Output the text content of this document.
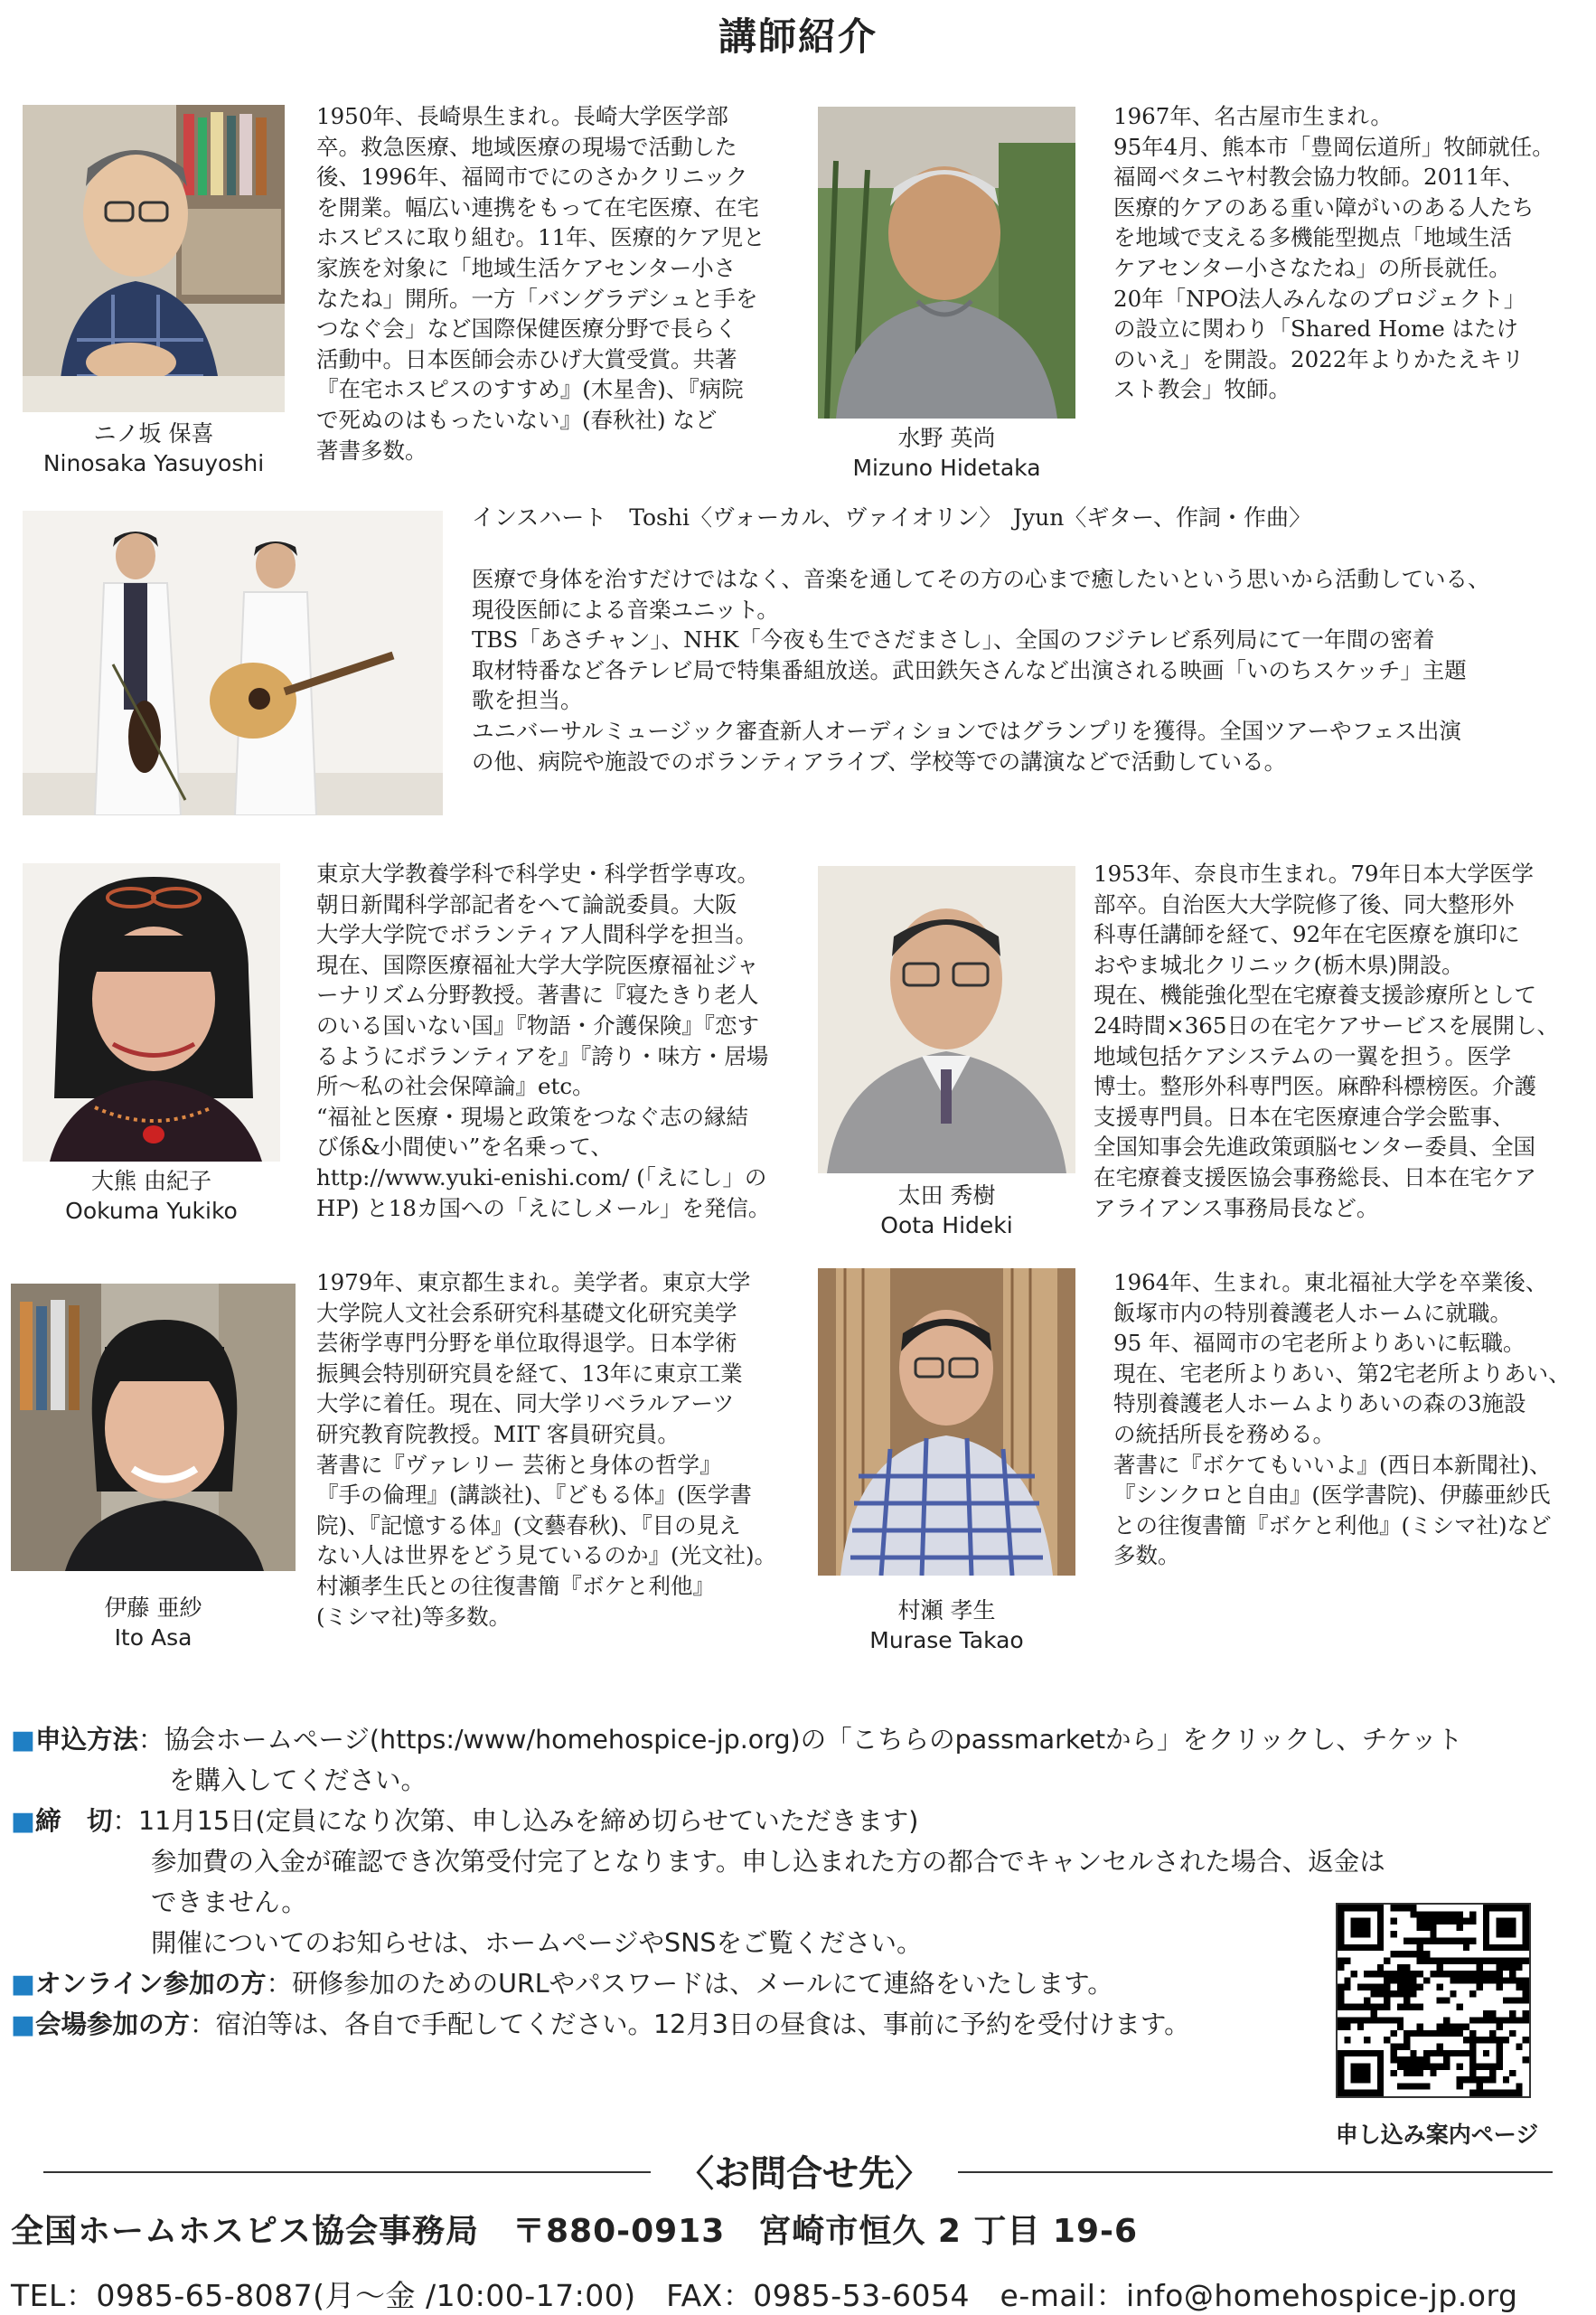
講師紹介
ニノ坂 保喜
Ninosaka Yasuyoshi
1950年、長崎県生まれ。長崎大学医学部
卒。救急医療、地域医療の現場で活動した
後、1996年、福岡市でにのさかクリニック
を開業。幅広い連携をもって在宅医療、在宅
ホスピスに取り組む。11年、医療的ケア児と
家族を対象に「地域生活ケアセンター小さ
なたね」開所。一方「バングラデシュと手を
つなぐ会」など国際保健医療分野で長らく
活動中。日本医師会赤ひげ大賞受賞。共著
『在宅ホスピスのすすめ』(木星舎)、『病院
で死ぬのはもったいない』(春秋社) など
著書多数。	水野 英尚
Mizuno Hidetaka
1967年、名古屋市生まれ。
95年4月、熊本市「豊岡伝道所」牧師就任。
福岡ベタニヤ村教会協力牧師。2011年、
医療的ケアのある重い障がいのある人たち
を地域で支える多機能型拠点「地域生活
ケアセンター小さなたね」の所長就任。
20年「NPO法人みんなのプロジェクト」
の設立に関わり「Shared Home はたけ
のいえ」を開設。2022年よりかたえキリ
スト教会」牧師。
インスハート　Toshi〈ヴォーカル、ヴァイオリン〉　Jyun〈ギター、作詞・作曲〉
医療で身体を治すだけではなく、音楽を通してその方の心まで癒したいという思いから活動している、
現役医師による音楽ユニット。
TBS「あさチャン」、NHK「今夜も生でさだまさし」、全国のフジテレビ系列局にて一年間の密着
取材特番など各テレビ局で特集番組放送。武田鉄矢さんなど出演される映画「いのちスケッチ」主題
歌を担当。
ユニバーサルミュージック審査新人オーディションではグランプリを獲得。全国ツアーやフェス出演
の他、病院や施設でのボランティアライブ、学校等での講演などで活動している。
大熊 由紀子
Ookuma Yukiko
東京大学教養学科で科学史・科学哲学専攻。
朝日新聞科学部記者をへて論説委員。大阪
大学大学院でボランティア人間科学を担当。
現在、国際医療福祉大学大学院医療福祉ジャ
ーナリズム分野教授。著書に『寝たきり老人
のいる国いない国』『物語・介護保険』『恋す
るようにボランティアを』『誇り・味方・居場
所〜私の社会保障論』etc。
“福祉と医療・現場と政策をつなぐ志の縁結
び係&小間使い”を名乗って、
http://www.yuki-enishi.com/ (「えにし」の
HP) と18カ国への「えにしメール」を発信。	太田 秀樹
Oota Hideki
1953年、奈良市生まれ。79年日本大学医学
部卒。自治医大大学院修了後、同大整形外
科専任講師を経て、92年在宅医療を旗印に
おやま城北クリニック(栃木県)開設。
現在、機能強化型在宅療養支援診療所として
24時間×365日の在宅ケアサービスを展開し、
地域包括ケアシステムの一翼を担う。医学
博士。整形外科専門医。麻酔科標榜医。介護
支援専門員。日本在宅医療連合学会監事、
全国知事会先進政策頭脳センター委員、全国
在宅療養支援医協会事務総長、日本在宅ケア
アライアンス事務局長など。
伊藤 亜紗
Ito Asa
1979年、東京都生まれ。美学者。東京大学
大学院人文社会系研究科基礎文化研究美学
芸術学専門分野を単位取得退学。日本学術
振興会特別研究員を経て、13年に東京工業
大学に着任。現在、同大学リベラルアーツ
研究教育院教授。MIT 客員研究員。
著書に『ヴァレリー 芸術と身体の哲学』
『手の倫理』(講談社)、『どもる体』(医学書
院)、『記憶する体』(文藝春秋)、『目の見え
ない人は世界をどう見ているのか』(光文社)。
村瀬孝生氏との往復書簡『ボケと利他』
(ミシマ社)等多数。	村瀬 孝生
Murase Takao
1964年、生まれ。東北福祉大学を卒業後、
飯塚市内の特別養護老人ホームに就職。
95 年、福岡市の宅老所よりあいに転職。
現在、宅老所よりあい、第2宅老所よりあい、
特別養護老人ホームよりあいの森の3施設
の統括所長を務める。
著書に『ボケてもいいよ』(西日本新聞社)、
『シンクロと自由』(医学書院)、伊藤亜紗氏
との往復書簡『ボケと利他』(ミシマ社)など
多数。
■申込方法：協会ホームページ(https:/www/homehospice-jp.org)の「こちらのpassmarketから」をクリックし、チケット
を購入してください。
■締　切：11月15日(定員になり次第、申し込みを締め切らせていただきます)
参加費の入金が確認でき次第受付完了となります。申し込まれた方の都合でキャンセルされた場合、返金は
できません。
開催についてのお知らせは、ホームページやSNSをご覧ください。
■オンライン参加の方：研修参加のためのURLやパスワードは、メールにて連絡をいたします。
■会場参加の方：宿泊等は、各自で手配してください。12月3日の昼食は、事前に予約を受付けます。
申し込み案内ページ
〈お問合せ先〉
全国ホームホスピス協会事務局　〒880-0913　宮崎市恒久 2 丁目 19-6
TEL：0985-65-8087(月〜金 /10:00-17:00)　FAX：0985-53-6054　e-mail：info@homehospice-jp.org
